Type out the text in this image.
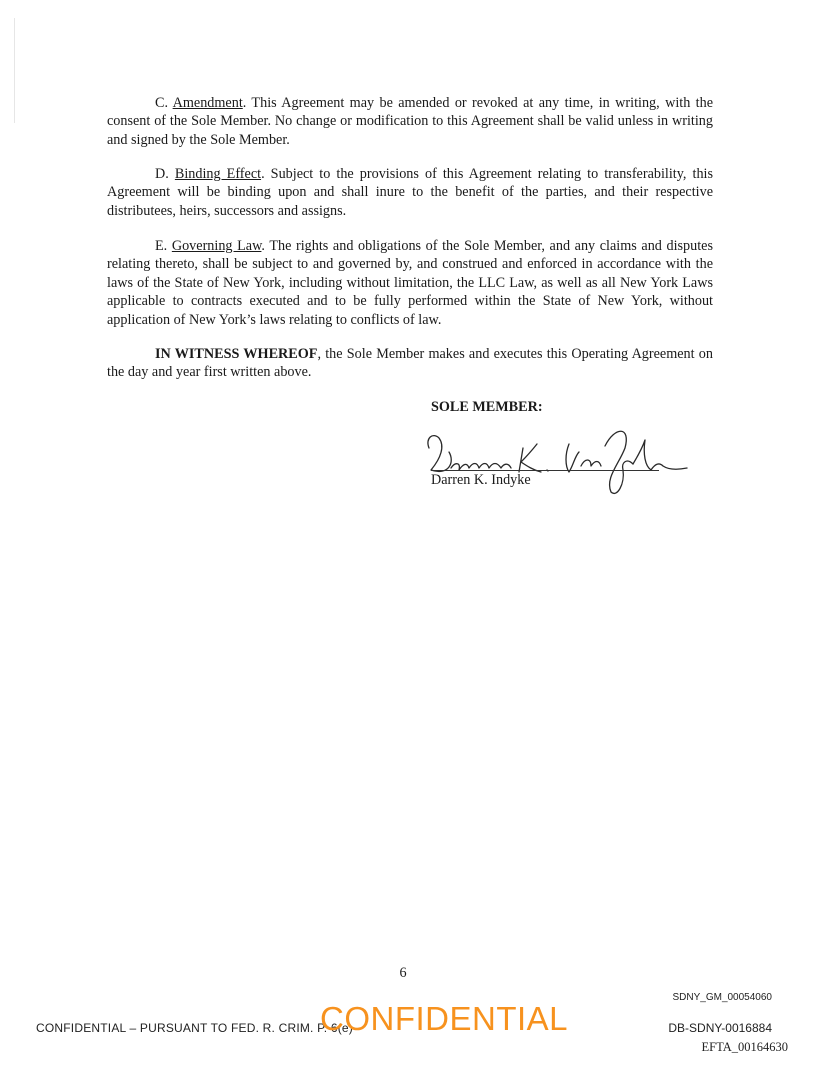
C. Amendment. This Agreement may be amended or revoked at any time, in writing, with the consent of the Sole Member. No change or modification to this Agreement shall be valid unless in writing and signed by the Sole Member.

D. Binding Effect. Subject to the provisions of this Agreement relating to transferability, this Agreement will be binding upon and shall inure to the benefit of the parties, and their respective distributees, heirs, successors and assigns.

E. Governing Law. The rights and obligations of the Sole Member, and any claims and disputes relating thereto, shall be subject to and governed by, and construed and enforced in accordance with the laws of the State of New York, including without limitation, the LLC Law, as well as all New York Laws applicable to contracts executed and to be fully performed within the State of New York, without application of New York’s laws relating to conflicts of law.

IN WITNESS WHEREOF, the Sole Member makes and executes this Operating Agreement on the day and year first written above.

SOLE MEMBER:
Darren K. Indyke
6
SDNY_GM_00054060
CONFIDENTIAL – PURSUANT TO FED. R. CRIM. P. 6(e)
CONFIDENTIAL	DB-SDNY-0016884
EFTA_00164630
